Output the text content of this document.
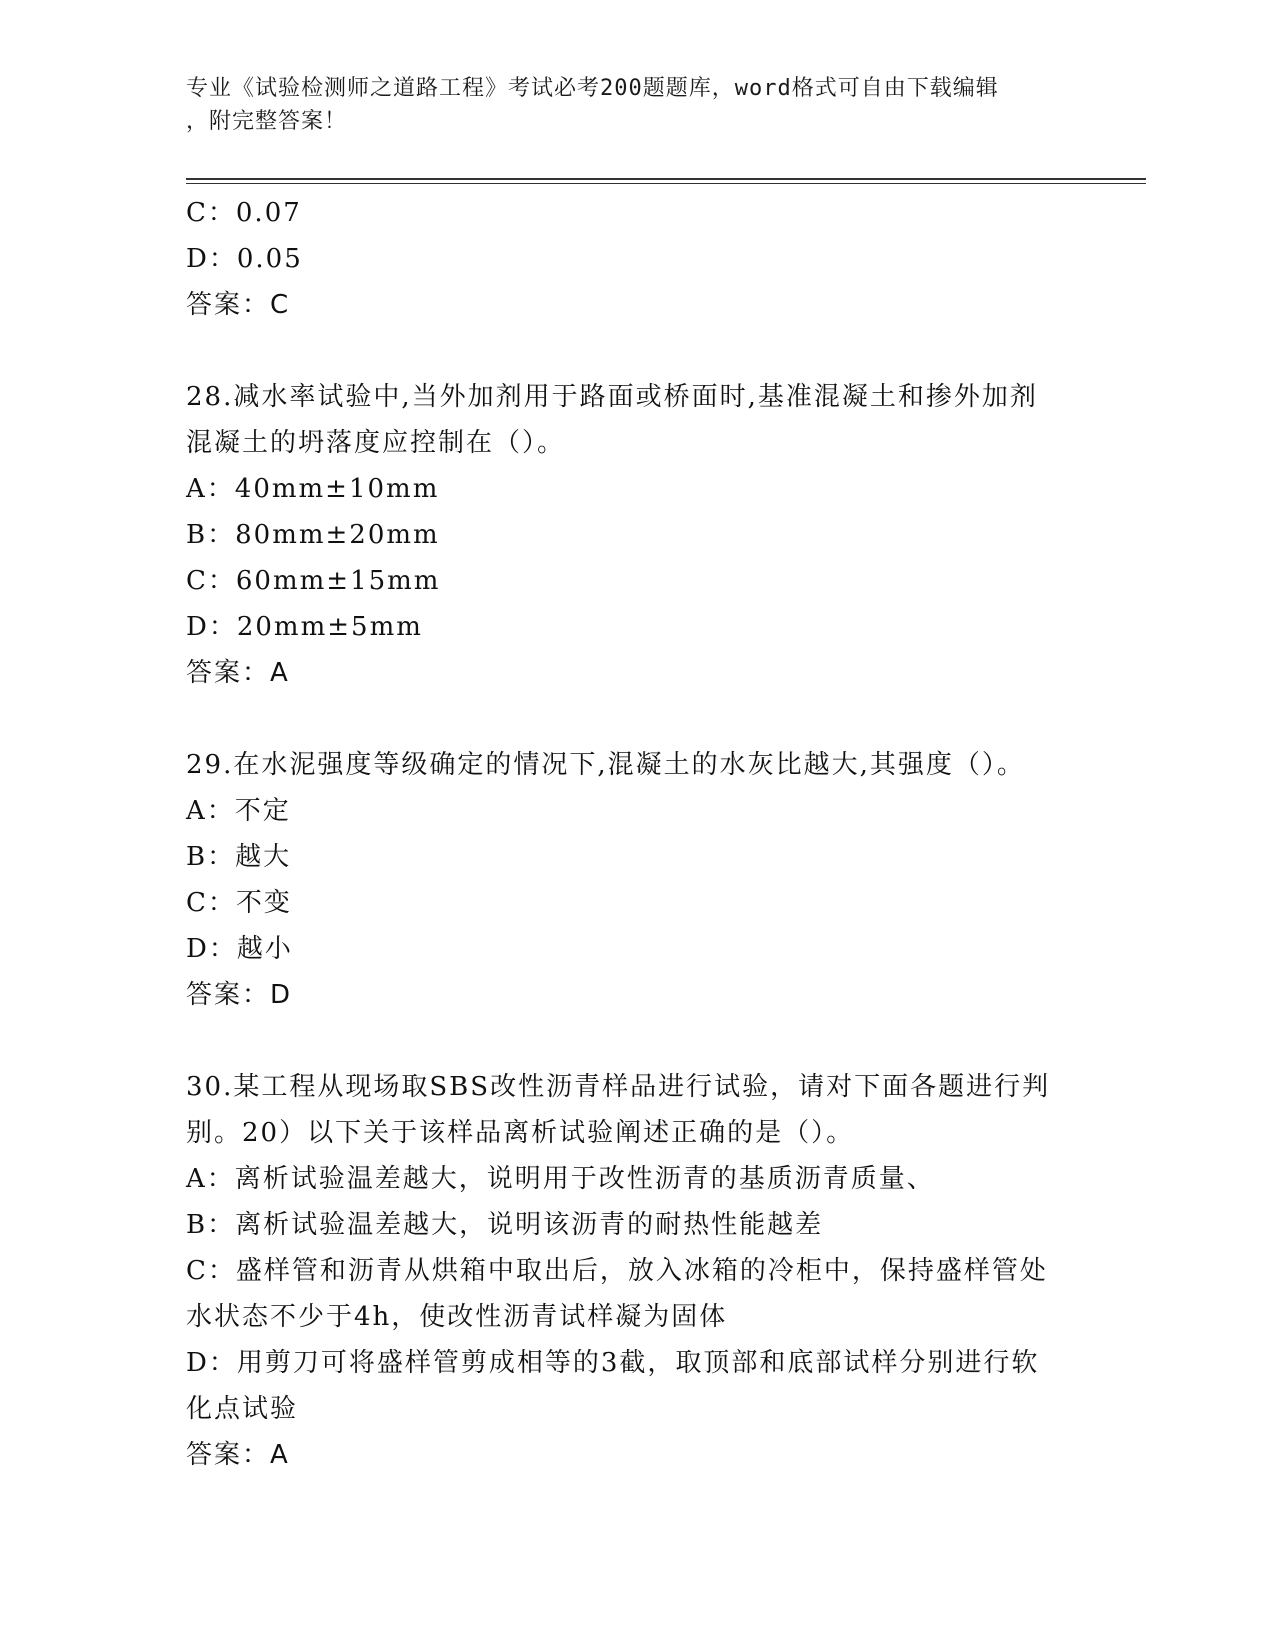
专业《试验检测师之道路工程》考试必考200题题库，word格式可自由下载编辑
，附完整答案！
C：0.07
D：0.05
答案：C
28.减水率试验中,当外加剂用于路面或桥面时,基准混凝土和掺外加剂
混凝土的坍落度应控制在（）。
A：40mm±10mm
B：80mm±20mm
C：60mm±15mm
D：20mm±5mm
答案：A
29.在水泥强度等级确定的情况下,混凝土的水灰比越大,其强度（）。
A：不定
B：越大
C：不变
D：越小
答案：D
30.某工程从现场取SBS改性沥青样品进行试验，请对下面各题进行判
别。20）以下关于该样品离析试验阐述正确的是（）。
A：离析试验温差越大，说明用于改性沥青的基质沥青质量、
B：离析试验温差越大，说明该沥青的耐热性能越差
C：盛样管和沥青从烘箱中取出后，放入冰箱的冷柜中，保持盛样管处
水状态不少于4h，使改性沥青试样凝为固体
D：用剪刀可将盛样管剪成相等的3截，取顶部和底部试样分别进行软
化点试验
答案：A
